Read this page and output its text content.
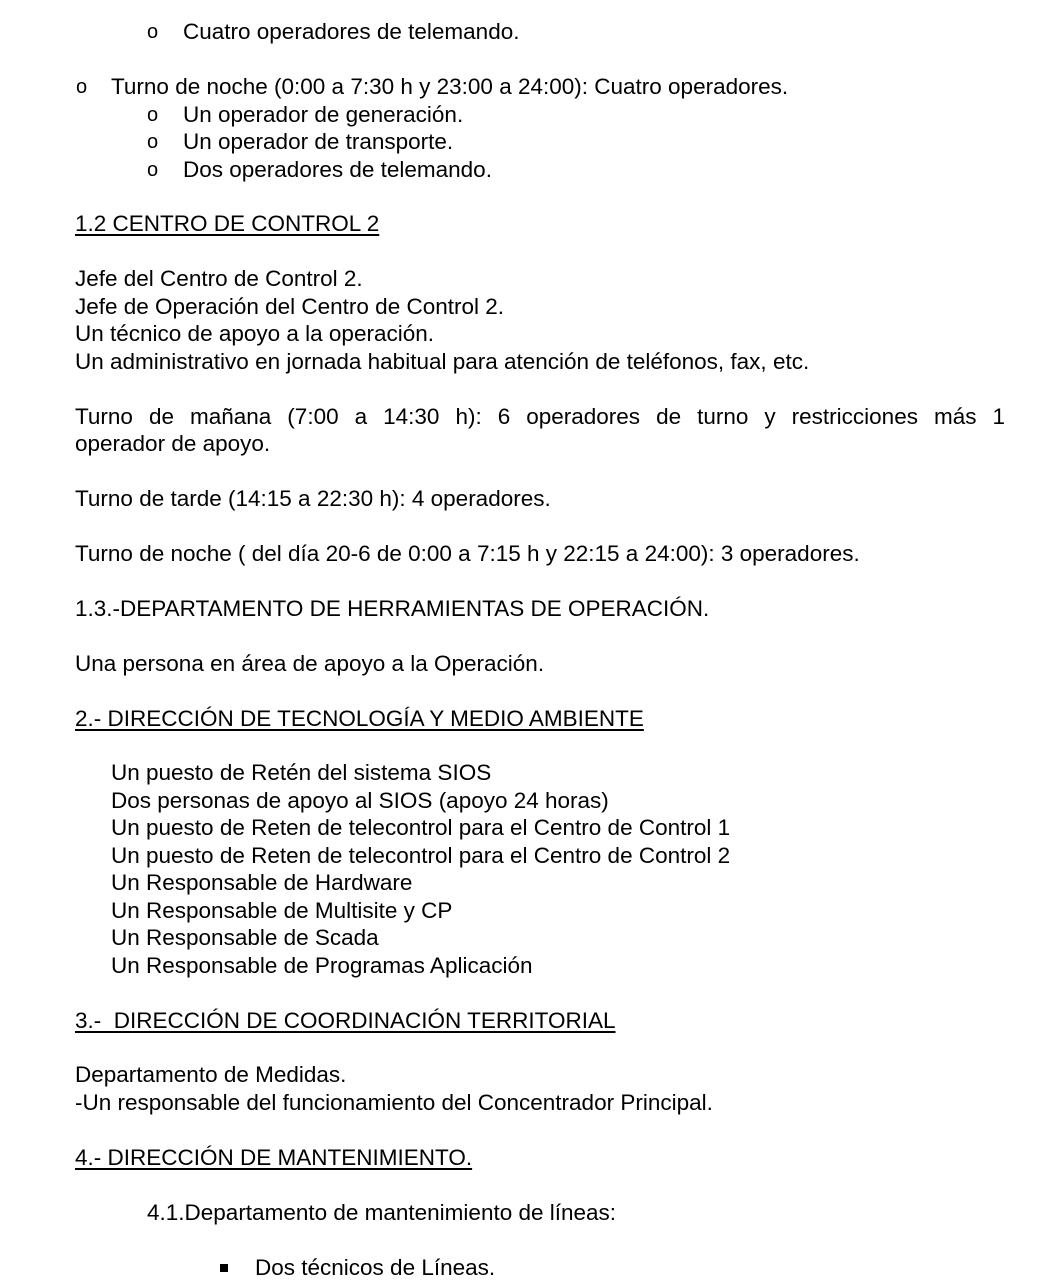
o Cuatro operadores de telemando.
o Turno de noche (0:00 a 7:30 h y 23:00 a 24:00): Cuatro operadores.
o Un operador de generación.
o Un operador de transporte.
o Dos operadores de telemando.
1.2 CENTRO DE CONTROL 2
Jefe del Centro de Control 2.
Jefe de Operación del Centro de Control 2.
Un técnico de apoyo a la operación.
Un administrativo en jornada habitual para atención de teléfonos, fax, etc.
Turno de mañana (7:00 a 14:30 h): 6 operadores de turno y restricciones más 1
operador de apoyo.
Turno de tarde (14:15 a 22:30 h): 4 operadores.
Turno de noche ( del día 20-6 de 0:00 a 7:15 h y 22:15 a 24:00): 3 operadores.
1.3.-DEPARTAMENTO DE HERRAMIENTAS DE OPERACIÓN.
Una persona en área de apoyo a la Operación.
2.- DIRECCIÓN DE TECNOLOGÍA Y MEDIO AMBIENTE
Un puesto de Retén del sistema SIOS
Dos personas de apoyo al SIOS (apoyo 24 horas)
Un puesto de Reten de telecontrol para el Centro de Control 1
Un puesto de Reten de telecontrol para el Centro de Control 2
Un Responsable de Hardware
Un Responsable de Multisite y CP
Un Responsable de Scada
Un Responsable de Programas Aplicación
3.-  DIRECCIÓN DE COORDINACIÓN TERRITORIAL
Departamento de Medidas.
-Un responsable del funcionamiento del Concentrador Principal.
4.- DIRECCIÓN DE MANTENIMIENTO.
4.1.Departamento de mantenimiento de líneas:
Dos técnicos de Líneas.
